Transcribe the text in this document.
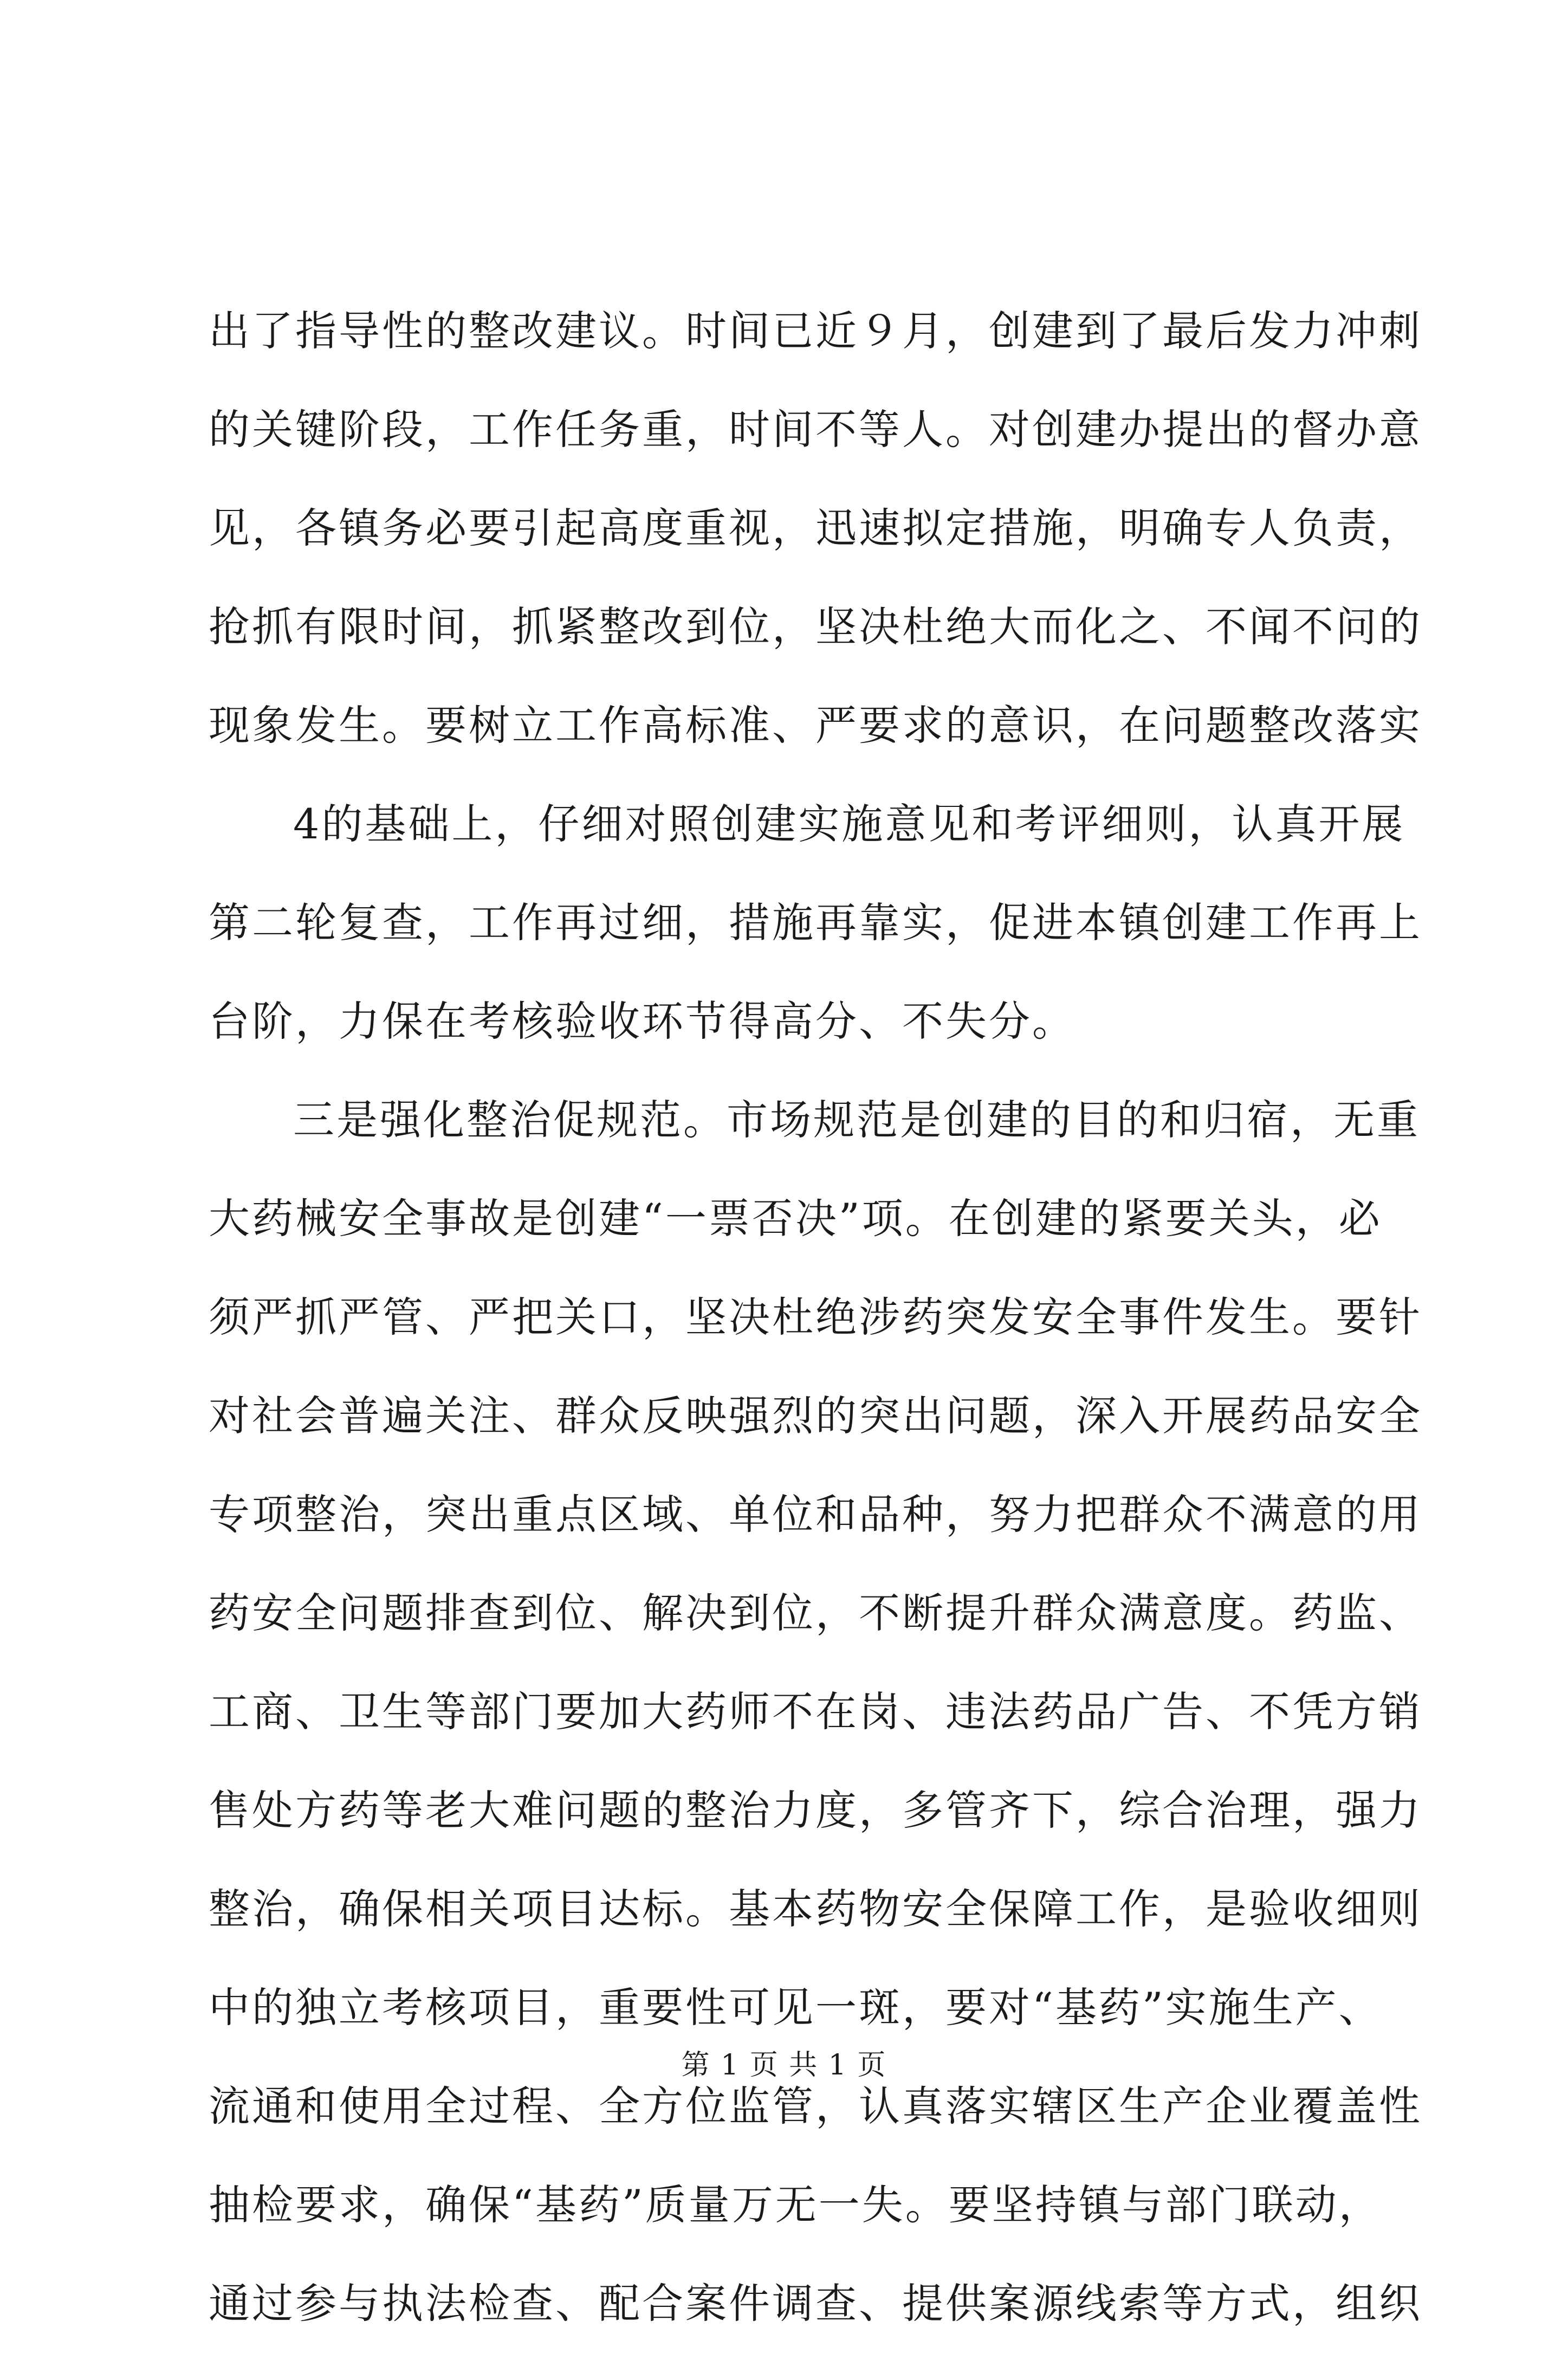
出了指导性的整改建议。时间已近９月，创建到了最后发力冲刺
的关键阶段，工作任务重，时间不等人。对创建办提出的督办意
见，各镇务必要引起高度重视，迅速拟定措施，明确专人负责，
抢抓有限时间，抓紧整改到位，坚决杜绝大而化之、不闻不问的
现象发生。要树立工作高标准、严要求的意识，在问题整改落实
4的基础上，仔细对照创建实施意见和考评细则，认真开展
第二轮复查，工作再过细，措施再靠实，促进本镇创建工作再上
台阶，力保在考核验收环节得高分、不失分。
三是强化整治促规范。市场规范是创建的目的和归宿，无重
大药械安全事故是创建“一票否决”项。在创建的紧要关头，必
须严抓严管、严把关口，坚决杜绝涉药突发安全事件发生。要针
对社会普遍关注、群众反映强烈的突出问题，深入开展药品安全
专项整治，突出重点区域、单位和品种，努力把群众不满意的用
药安全问题排查到位、解决到位，不断提升群众满意度。药监、
工商、卫生等部门要加大药师不在岗、违法药品广告、不凭方销
售处方药等老大难问题的整治力度，多管齐下，综合治理，强力
整治，确保相关项目达标。基本药物安全保障工作，是验收细则
中的独立考核项目，重要性可见一斑，要对“基药”实施生产、
流通和使用全过程、全方位监管，认真落实辖区生产企业覆盖性
抽检要求，确保“基药”质量万无一失。要坚持镇与部门联动，
通过参与执法检查、配合案件调查、提供案源线索等方式，组织
第 1 页 共 1 页
